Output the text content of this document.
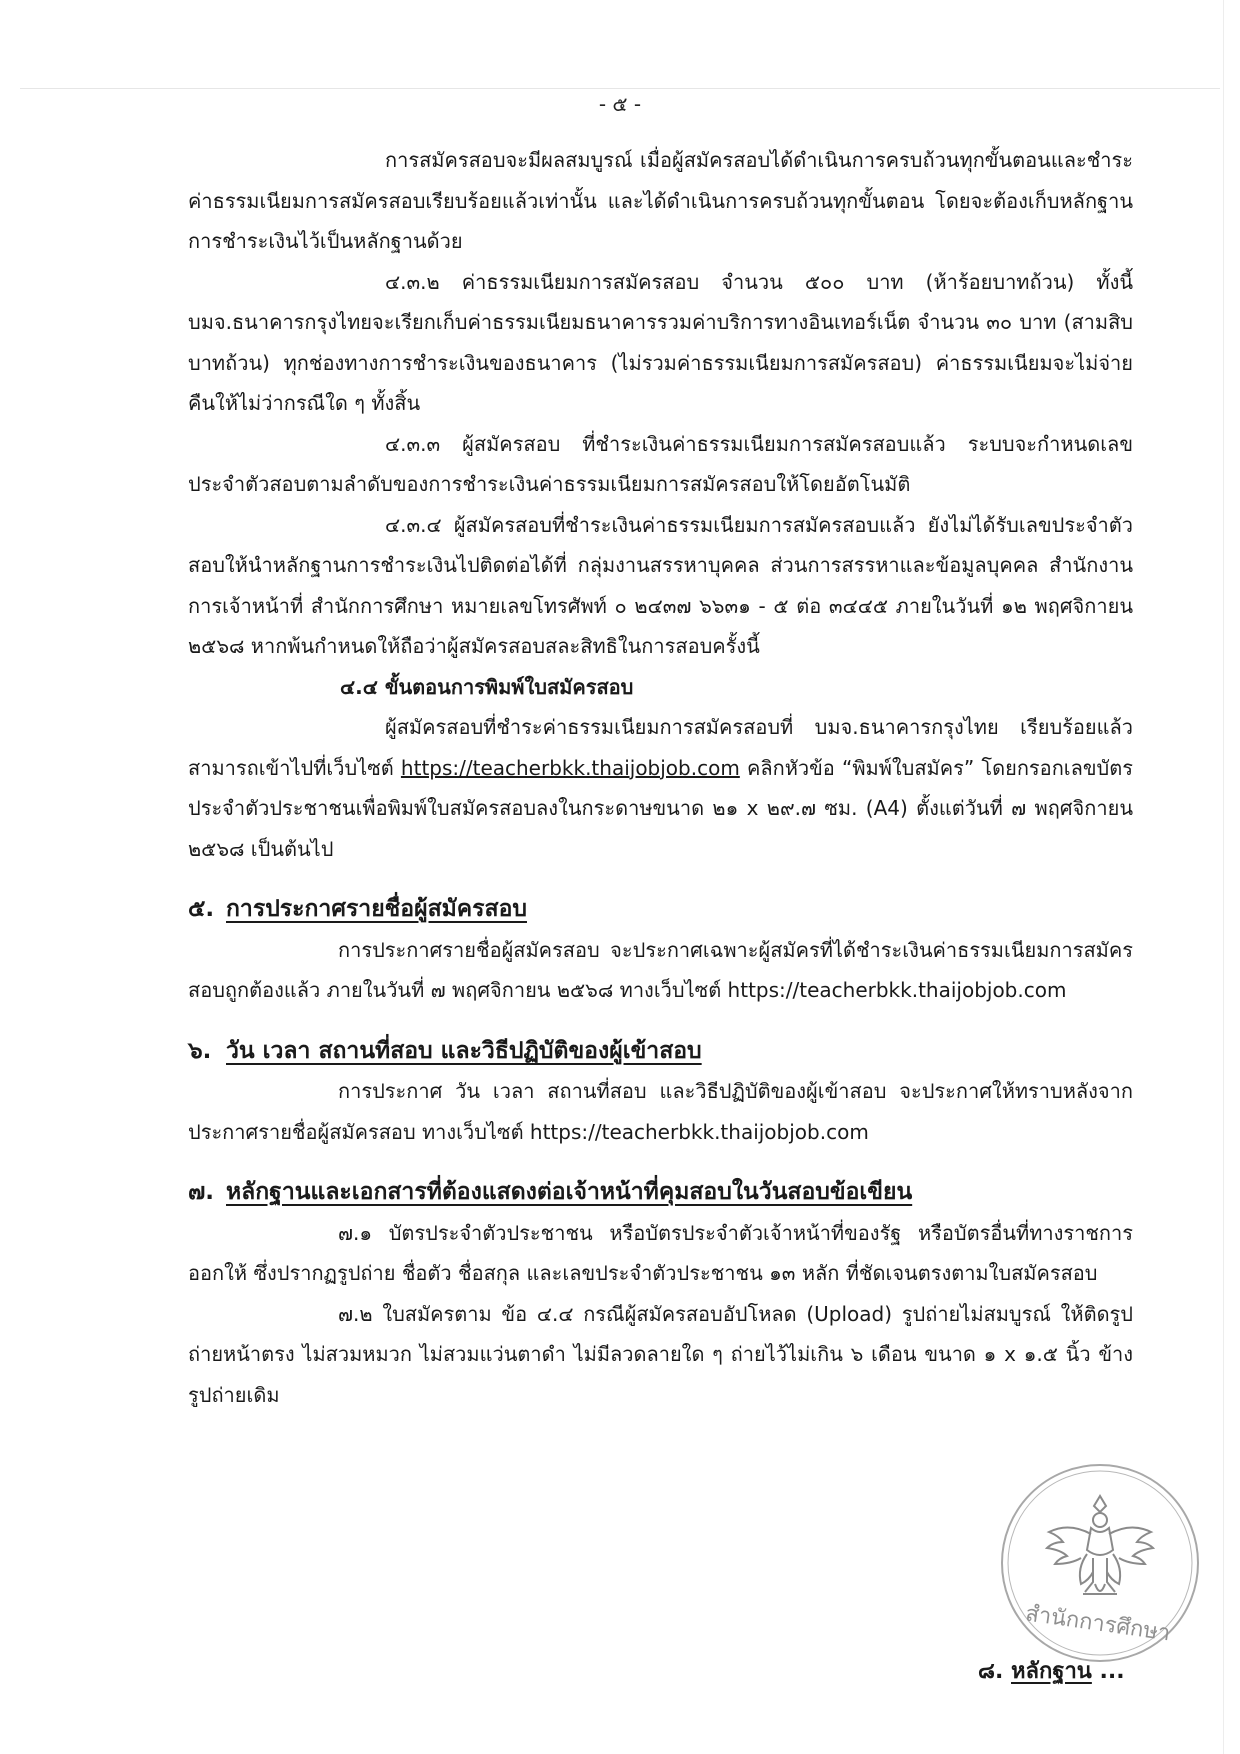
- ๕ -

การสมัครสอบจะมีผลสมบูรณ์ เมื่อผู้สมัครสอบได้ดำเนินการครบถ้วนทุกขั้นตอนและชำระค่าธรรมเนียมการสมัครสอบเรียบร้อยแล้วเท่านั้น และได้ดำเนินการครบถ้วนทุกขั้นตอน โดยจะต้องเก็บหลักฐานการชำระเงินไว้เป็นหลักฐานด้วย

๔.๓.๒ ค่าธรรมเนียมการสมัครสอบ จำนวน ๕๐๐ บาท (ห้าร้อยบาทถ้วน) ทั้งนี้ บมจ.ธนาคารกรุงไทยจะเรียกเก็บค่าธรรมเนียมธนาคารรวมค่าบริการทางอินเทอร์เน็ต จำนวน ๓๐ บาท (สามสิบบาทถ้วน) ทุกช่องทางการชำระเงินของธนาคาร (ไม่รวมค่าธรรมเนียมการสมัครสอบ) ค่าธรรมเนียมจะไม่จ่ายคืนให้ไม่ว่ากรณีใด ๆ ทั้งสิ้น

๔.๓.๓ ผู้สมัครสอบ ที่ชำระเงินค่าธรรมเนียมการสมัครสอบแล้ว ระบบจะกำหนดเลขประจำตัวสอบตามลำดับของการชำระเงินค่าธรรมเนียมการสมัครสอบให้โดยอัตโนมัติ

๔.๓.๔ ผู้สมัครสอบที่ชำระเงินค่าธรรมเนียมการสมัครสอบแล้ว ยังไม่ได้รับเลขประจำตัวสอบให้นำหลักฐานการชำระเงินไปติดต่อได้ที่ กลุ่มงานสรรหาบุคคล ส่วนการสรรหาและข้อมูลบุคคล สำนักงานการเจ้าหน้าที่ สำนักการศึกษา หมายเลขโทรศัพท์ ๐ ๒๔๓๗ ๖๖๓๑ - ๕ ต่อ ๓๔๔๕ ภายในวันที่ ๑๒ พฤศจิกายน ๒๕๖๘ หากพ้นกำหนดให้ถือว่าผู้สมัครสอบสละสิทธิในการสอบครั้งนี้

๔.๔ ขั้นตอนการพิมพ์ใบสมัครสอบ

ผู้สมัครสอบที่ชำระค่าธรรมเนียมการสมัครสอบที่ บมจ.ธนาคารกรุงไทย เรียบร้อยแล้ว สามารถเข้าไปที่เว็บไซต์ https://teacherbkk.thaijobjob.com คลิกหัวข้อ “พิมพ์ใบสมัคร” โดยกรอกเลขบัตรประจำตัวประชาชนเพื่อพิมพ์ใบสมัครสอบลงในกระดาษขนาด ๒๑ x ๒๙.๗ ซม. (A4) ตั้งแต่วันที่ ๗ พฤศจิกายน ๒๕๖๘ เป็นต้นไป

๕. การประกาศรายชื่อผู้สมัครสอบ

การประกาศรายชื่อผู้สมัครสอบ จะประกาศเฉพาะผู้สมัครที่ได้ชำระเงินค่าธรรมเนียมการสมัครสอบถูกต้องแล้ว ภายในวันที่ ๗ พฤศจิกายน ๒๕๖๘ ทางเว็บไซต์ https://teacherbkk.thaijobjob.com

๖. วัน เวลา สถานที่สอบ และวิธีปฏิบัติของผู้เข้าสอบ

การประกาศ วัน เวลา สถานที่สอบ และวิธีปฏิบัติของผู้เข้าสอบ จะประกาศให้ทราบหลังจากประกาศรายชื่อผู้สมัครสอบ ทางเว็บไซต์ https://teacherbkk.thaijobjob.com

๗. หลักฐานและเอกสารที่ต้องแสดงต่อเจ้าหน้าที่คุมสอบในวันสอบข้อเขียน

๗.๑ บัตรประจำตัวประชาชน หรือบัตรประจำตัวเจ้าหน้าที่ของรัฐ หรือบัตรอื่นที่ทางราชการออกให้ ซึ่งปรากฏรูปถ่าย ชื่อตัว ชื่อสกุล และเลขประจำตัวประชาชน ๑๓ หลัก ที่ชัดเจนตรงตามใบสมัครสอบ

๗.๒ ใบสมัครตาม ข้อ ๔.๔ กรณีผู้สมัครสอบอัปโหลด (Upload) รูปถ่ายไม่สมบูรณ์ ให้ติดรูปถ่ายหน้าตรง ไม่สวมหมวก ไม่สวมแว่นตาดำ ไม่มีลวดลายใด ๆ ถ่ายไว้ไม่เกิน ๖ เดือน ขนาด ๑ x ๑.๕ นิ้ว ข้างรูปถ่ายเดิม

สำนักการศึกษา
๘. หลักฐาน ...
